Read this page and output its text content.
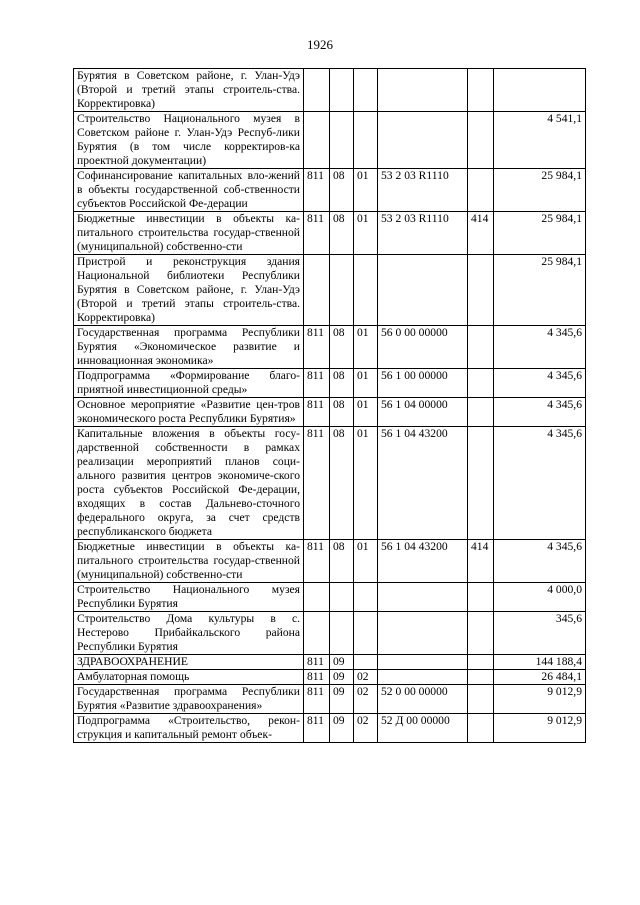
1926
Бурятия в Советском районе, г. Улан-Удэ (Второй и третий этапы строитель-ства. Корректировка)						
Строительство Национального музея в Советском районе г. Улан-Удэ Респуб-лики Бурятия (в том числе корректиров-ка проектной документации)						4 541,1
Софинансирование капитальных вло-жений в объекты государственной соб-ственности субъектов Российской Фе-дерации	811	08	01	53 2 03 R1110		25 984,1
Бюджетные инвестиции в объекты ка-питального строительства государ-ственной (муниципальной) собственно-сти	811	08	01	53 2 03 R1110	414	25 984,1
Пристрой и реконструкция здания Национальной библиотеки Республики Бурятия в Советском районе, г. Улан-Удэ (Второй и третий этапы строитель-ства. Корректировка)						25 984,1
Государственная программа Республики Бурятия «Экономическое развитие и инновационная экономика»	811	08	01	56 0 00 00000		4 345,6
Подпрограмма «Формирование благо-приятной инвестиционной среды»	811	08	01	56 1 00 00000		4 345,6
Основное мероприятие «Развитие цен-тров экономического роста Республики Бурятия»	811	08	01	56 1 04 00000		4 345,6
Капитальные вложения в объекты госу-дарственной собственности в рамках реализации мероприятий планов соци-ального развития центров экономиче-ского роста субъектов Российской Фе-дерации, входящих в состав Дальнево-сточного федерального округа, за счет средств республиканского бюджета	811	08	01	56 1 04 43200		4 345,6
Бюджетные инвестиции в объекты ка-питального строительства государ-ственной (муниципальной) собственно-сти	811	08	01	56 1 04 43200	414	4 345,6
Строительство Национального музея Республики Бурятия						4 000,0
Строительство Дома культуры в с. Нестерово Прибайкальского района Республики Бурятия						345,6
ЗДРАВООХРАНЕНИЕ	811	09				144 188,4
Амбулаторная помощь	811	09	02			26 484,1
Государственная программа Республики Бурятия «Развитие здравоохранения»	811	09	02	52 0 00 00000		9 012,9
Подпрограмма «Строительство, рекон-струкция и капитальный ремонт объек-	811	09	02	52 Д 00 00000		9 012,9
